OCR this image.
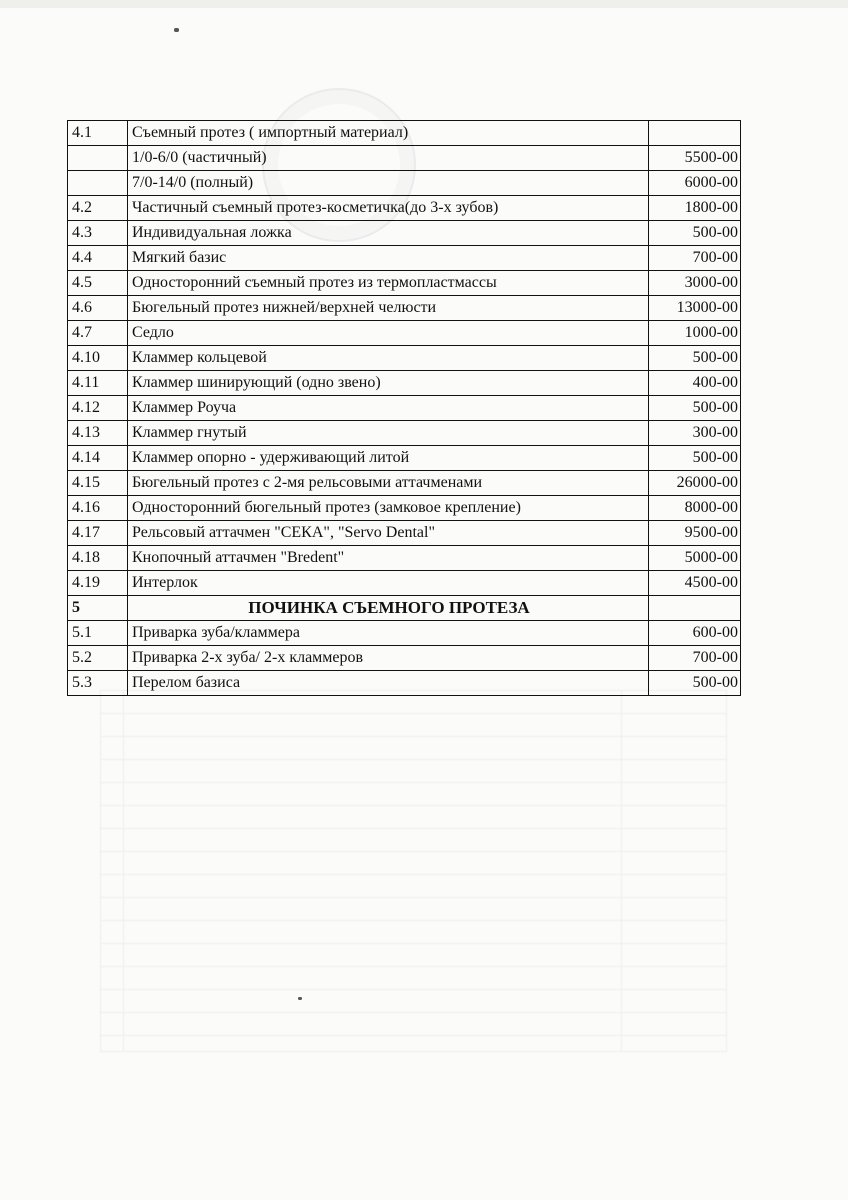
4.1	Съемный протез ( импортный материал)	
	1/0-6/0 (частичный)	5500-00
	7/0-14/0 (полный)	6000-00
4.2	Частичный съемный протез-косметичка(до 3-х зубов)	1800-00
4.3	Индивидуальная ложка	500-00
4.4	Мягкий базис	700-00
4.5	Односторонний съемный протез из термопластмассы	3000-00
4.6	Бюгельный протез нижней/верхней челюсти	13000-00
4.7	Седло	1000-00
4.10	Кламмер кольцевой	500-00
4.11	Кламмер шинирующий (одно звено)	400-00
4.12	Кламмер Роуча	500-00
4.13	Кламмер гнутый	300-00
4.14	Кламмер опорно - удерживающий литой	500-00
4.15	Бюгельный протез с 2-мя рельсовыми аттачменами	26000-00
4.16	Односторонний бюгельный протез (замковое крепление)	8000-00
4.17	Рельсовый аттачмен "СЕКА", "Servo Dental"	9500-00
4.18	Кнопочный аттачмен "Bredent"	5000-00
4.19	Интерлок	4500-00
5	ПОЧИНКА СЪЕМНОГО ПРОТЕЗА	
5.1	Приварка зуба/кламмера	600-00
5.2	Приварка 2-х зуба/ 2-х кламмеров	700-00
5.3	Перелом базиса	500-00
